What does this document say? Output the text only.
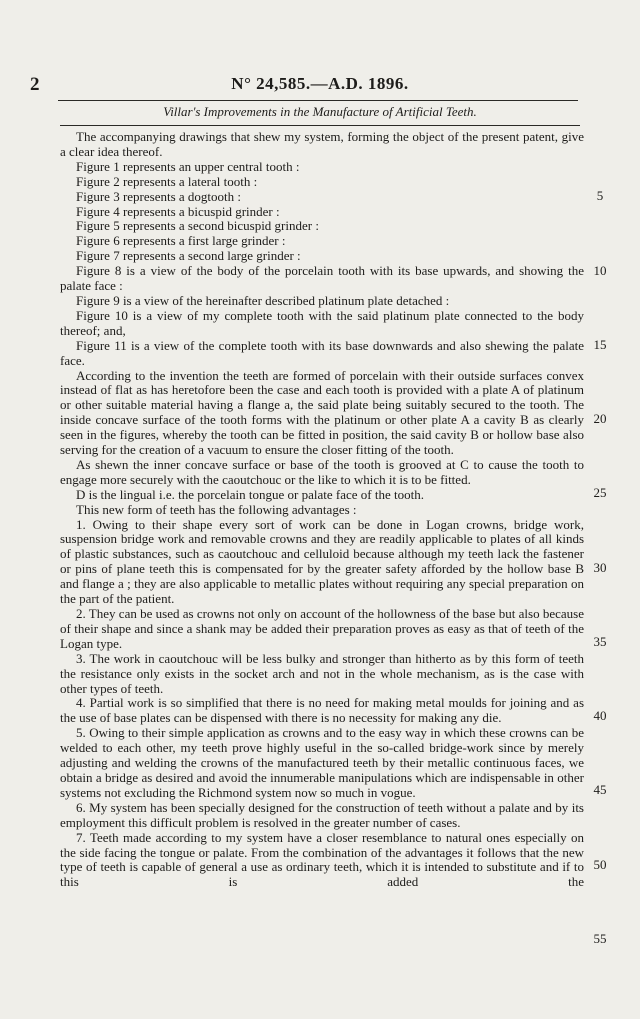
2	N° 24,585.—A.D. 1896.
Villar's Improvements in the Manufacture of Artificial Teeth.

The accompanying drawings that shew my system, forming the object of the present patent, give a clear idea thereof.

Figure 1 represents an upper central tooth :

Figure 2 represents a lateral tooth :

Figure 3 represents a dogtooth :

Figure 4 represents a bicuspid grinder :

Figure 5 represents a second bicuspid grinder :

Figure 6 represents a first large grinder :

Figure 7 represents a second large grinder :

Figure 8 is a view of the body of the porcelain tooth with its base upwards, and showing the palate face :

Figure 9 is a view of the hereinafter described platinum plate detached :

Figure 10 is a view of my complete tooth with the said platinum plate connected to the body thereof; and,

Figure 11 is a view of the complete tooth with its base downwards and also shewing the palate face.

According to the invention the teeth are formed of porcelain with their outside surfaces convex instead of flat as has heretofore been the case and each tooth is provided with a plate A of platinum or other suitable material having a flange a, the said plate being suitably secured to the tooth. The inside concave surface of the tooth forms with the platinum or other plate A a cavity B as clearly seen in the figures, whereby the tooth can be fitted in position, the said cavity B or hollow base also serving for the creation of a vacuum to ensure the closer fitting of the tooth.

As shewn the inner concave surface or base of the tooth is grooved at C to cause the tooth to engage more securely with the caoutchouc or the like to which it is to be fitted.

D is the lingual i.e. the porcelain tongue or palate face of the tooth.

This new form of teeth has the following advantages :

1. Owing to their shape every sort of work can be done in Logan crowns, bridge work, suspension bridge work and removable crowns and they are readily applicable to plates of all kinds of plastic substances, such as caoutchouc and celluloid because although my teeth lack the fastener or pins of plane teeth this is compensated for by the greater safety afforded by the hollow base B and flange a ; they are also applicable to metallic plates without requiring any special preparation on the part of the patient.

2. They can be used as crowns not only on account of the hollowness of the base but also because of their shape and since a shank may be added their preparation proves as easy as that of teeth of the Logan type.

3. The work in caoutchouc will be less bulky and stronger than hitherto as by this form of teeth the resistance only exists in the socket arch and not in the whole mechanism, as is the case with other types of teeth.

4. Partial work is so simplified that there is no need for making metal moulds for joining and as the use of base plates can be dispensed with there is no necessity for making any die.

5. Owing to their simple application as crowns and to the easy way in which these crowns can be welded to each other, my teeth prove highly useful in the so-called bridge-work since by merely adjusting and welding the crowns of the manufactured teeth by their metallic continuous faces, we obtain a bridge as desired and avoid the innumerable manipulations which are indispensable in other systems not excluding the Richmond system now so much in vogue.

6. My system has been specially designed for the construction of teeth without a palate and by its employment this difficult problem is resolved in the greater number of cases.

7. Teeth made according to my system have a closer resemblance to natural ones especially on the side facing the tongue or palate. From the combination of the advantages it follows that the new type of teeth is capable of general a use as ordinary teeth, which it is intended to substitute and if to this is added the

5
10
15
20
25
30
35
40
45
50
55
